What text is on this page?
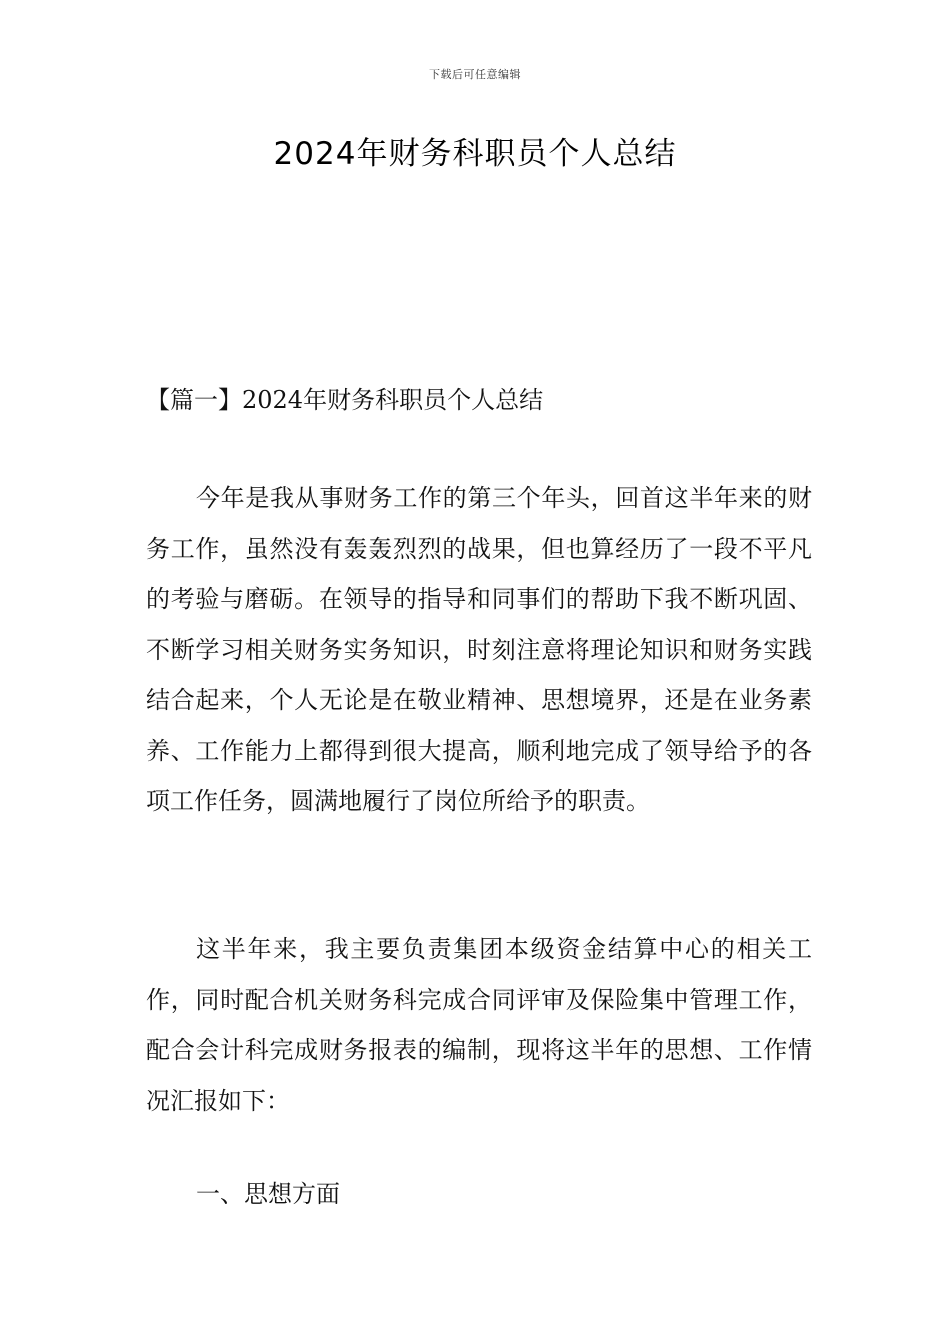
下载后可任意编辑
2024年财务科职员个人总结
【篇一】2024年财务科职员个人总结

今年是我从事财务工作的第三个年头，回首这半年来的财务工作，虽然没有轰轰烈烈的战果，但也算经历了一段不平凡的考验与磨砺。在领导的指导和同事们的帮助下我不断巩固、不断学习相关财务实务知识，时刻注意将理论知识和财务实践结合起来，个人无论是在敬业精神、思想境界，还是在业务素养、工作能力上都得到很大提高，顺利地完成了领导给予的各项工作任务，圆满地履行了岗位所给予的职责。

这半年来，我主要负责集团本级资金结算中心的相关工作，同时配合机关财务科完成合同评审及保险集中管理工作，配合会计科完成财务报表的编制，现将这半年的思想、工作情况汇报如下：

一、思想方面
